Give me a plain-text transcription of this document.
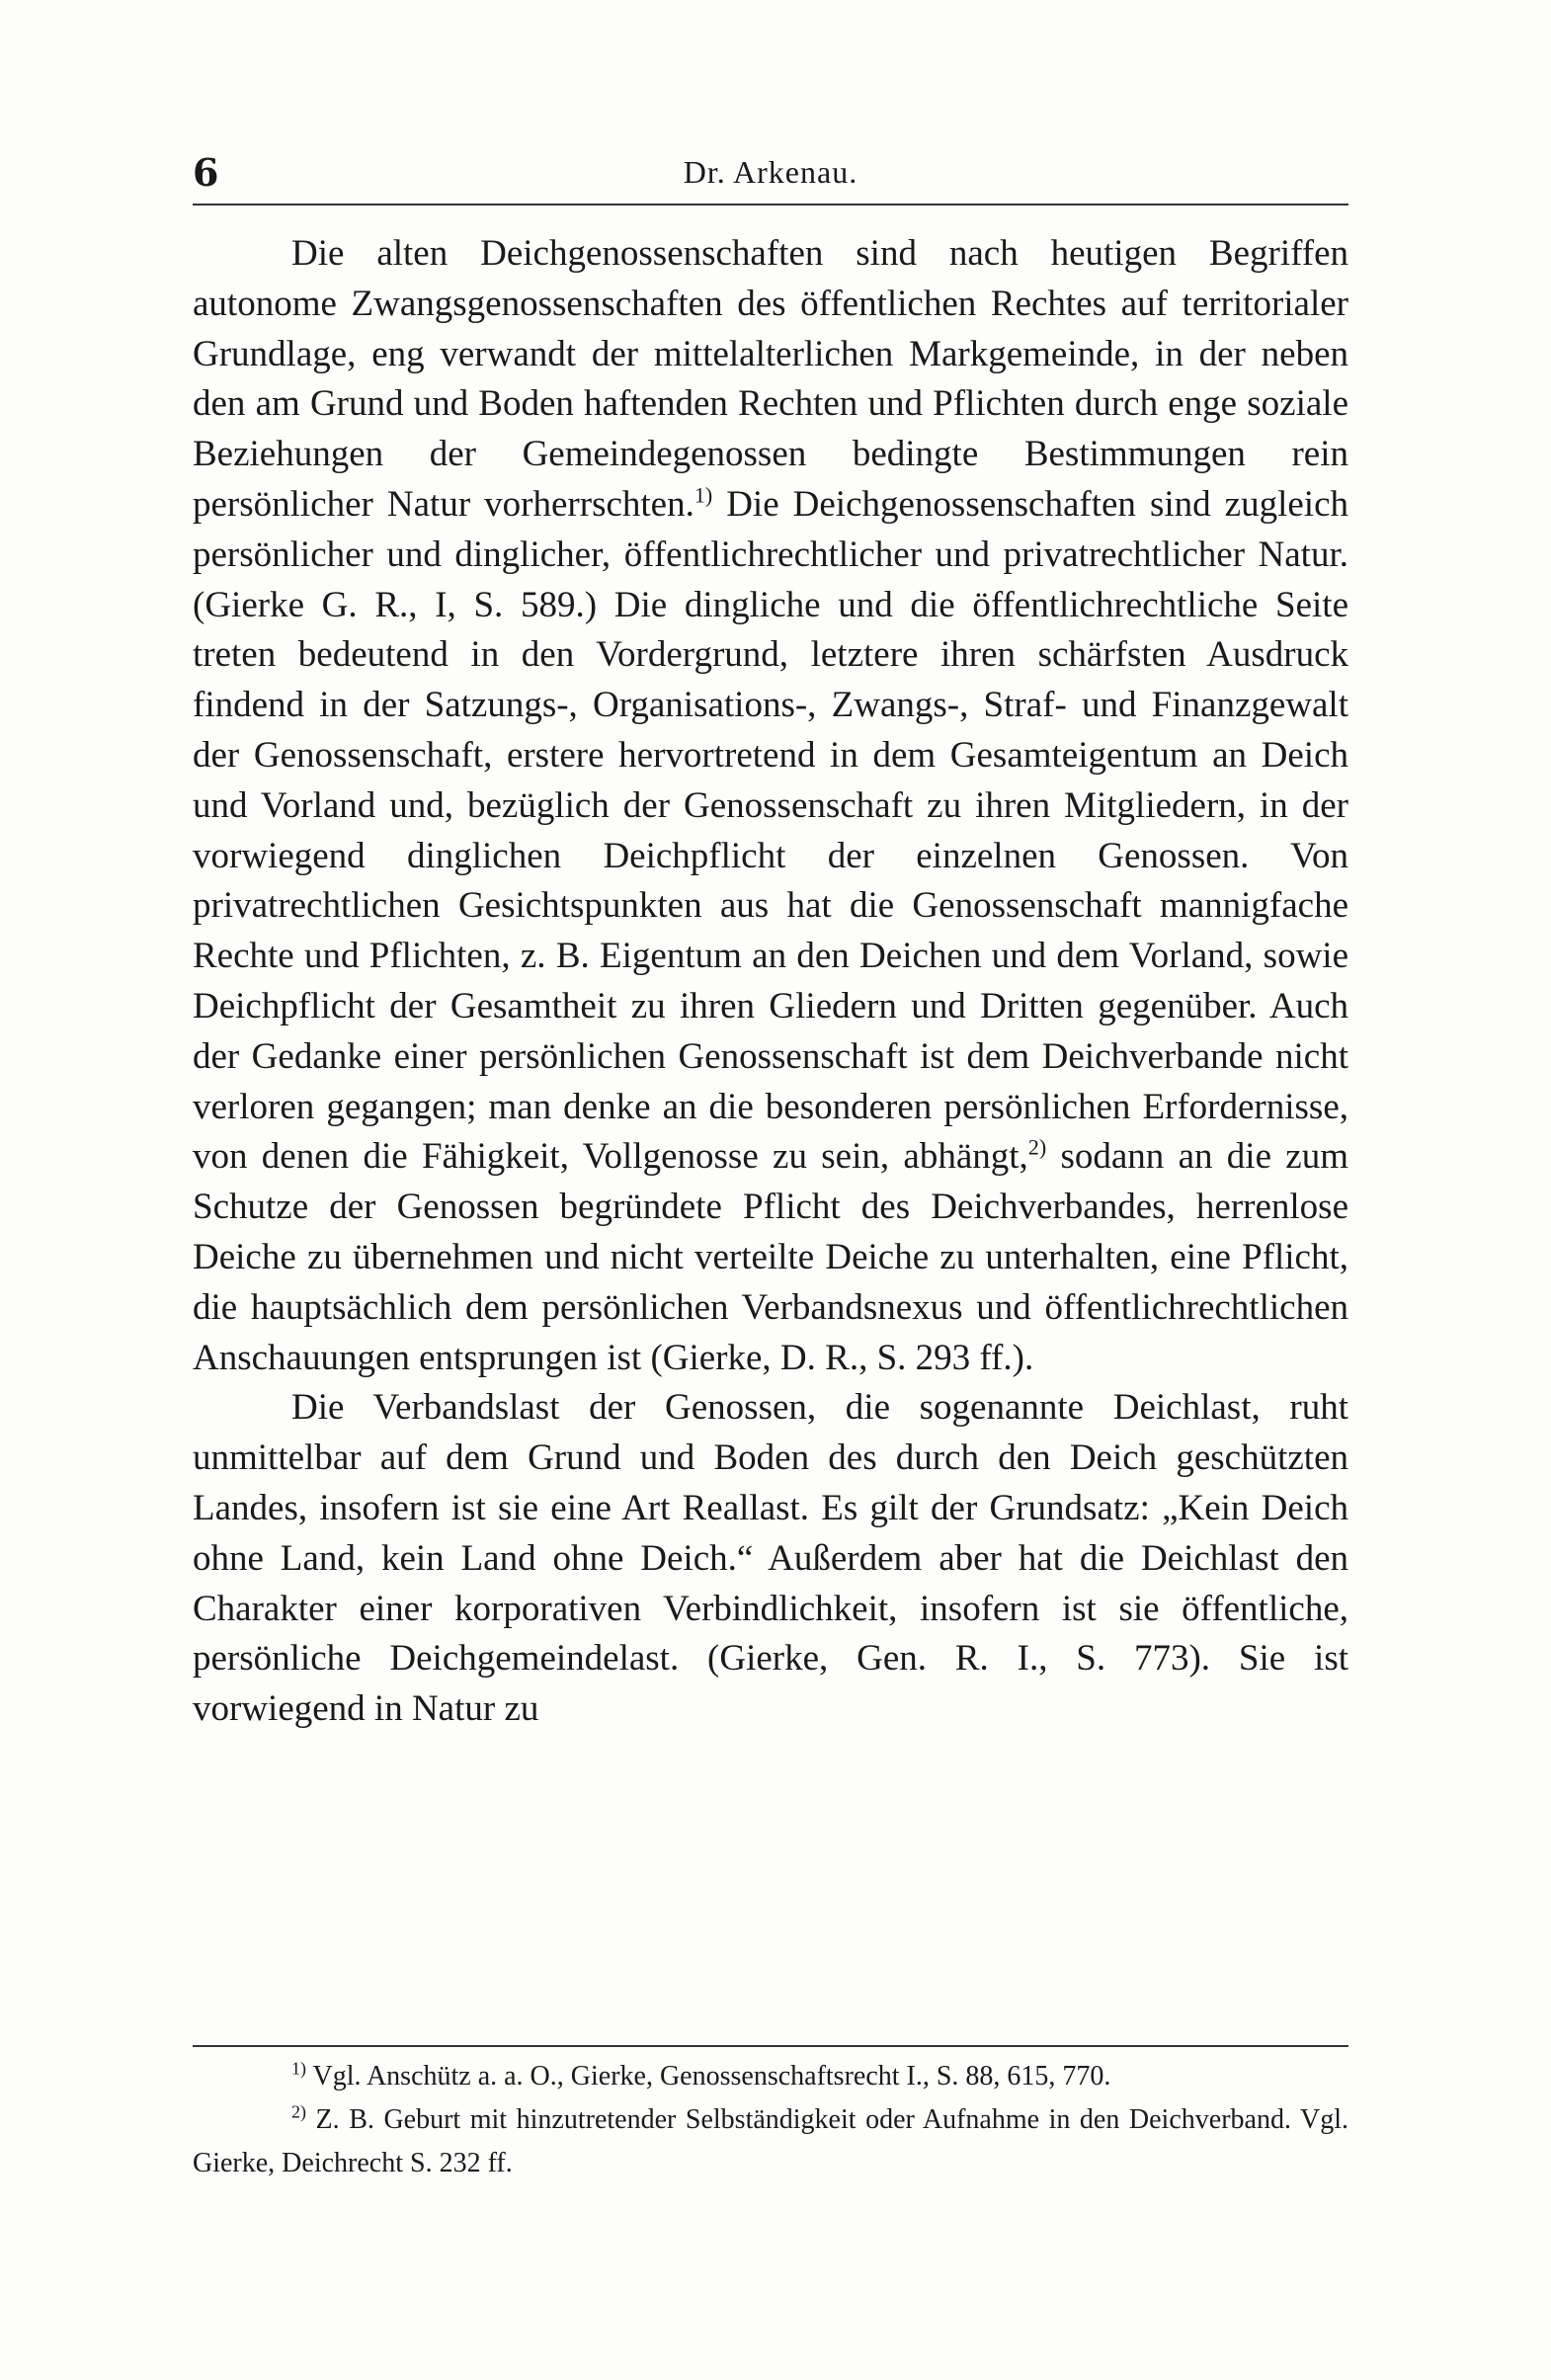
6	Dr. Arkenau.

Die alten Deichgenossenschaften sind nach heutigen Begriffen autonome Zwangsgenossenschaften des öffentlichen Rechtes auf territorialer Grundlage, eng verwandt der mittelalterlichen Markgemeinde, in der neben den am Grund und Boden haftenden Rechten und Pflichten durch enge soziale Beziehungen der Gemeindegenossen bedingte Bestimmungen rein persönlicher Natur vorherrschten.$^{1)}$ Die Deichgenossenschaften sind zugleich persönlicher und dinglicher, öffentlichrechtlicher und privatrechtlicher Natur. (Gierke G. R., I, S. 589.) Die dingliche und die öffentlichrechtliche Seite treten bedeutend in den Vordergrund, letztere ihren schärfsten Ausdruck findend in der Satzungs-, Organisations-, Zwangs-, Straf- und Finanzgewalt der Genossenschaft, erstere hervortretend in dem Gesamteigentum an Deich und Vorland und, bezüglich der Genossenschaft zu ihren Mitgliedern, in der vorwiegend dinglichen Deichpflicht der einzelnen Genossen. Von privatrechtlichen Gesichtspunkten aus hat die Genossenschaft mannigfache Rechte und Pflichten, z. B. Eigentum an den Deichen und dem Vorland, sowie Deichpflicht der Gesamtheit zu ihren Gliedern und Dritten gegenüber. Auch der Gedanke einer persönlichen Genossenschaft ist dem Deichverbande nicht verloren gegangen; man denke an die besonderen persönlichen Erfordernisse, von denen die Fähigkeit, Vollgenosse zu sein, abhängt,$^{2)}$ sodann an die zum Schutze der Genossen begründete Pflicht des Deichverbandes, herrenlose Deiche zu übernehmen und nicht verteilte Deiche zu unterhalten, eine Pflicht, die hauptsächlich dem persönlichen Verbandsnexus und öffentlichrechtlichen Anschauungen entsprungen ist (Gierke, D. R., S. 293 ff.).

Die Verbandslast der Genossen, die sogenannte Deichlast, ruht unmittelbar auf dem Grund und Boden des durch den Deich geschützten Landes, insofern ist sie eine Art Reallast. Es gilt der Grundsatz: „Kein Deich ohne Land, kein Land ohne Deich.“ Außerdem aber hat die Deichlast den Charakter einer korporativen Verbindlichkeit, insofern ist sie öffentliche, persönliche Deichgemeindelast. (Gierke, Gen. R. I., S. 773). Sie ist vorwiegend in Natur zu

$^{1)}$ Vgl. Anschütz a. a. O., Gierke, Genossenschaftsrecht I., S. 88, 615, 770.

$^{2)}$ Z. B. Geburt mit hinzutretender Selbständigkeit oder Aufnahme in den Deichverband. Vgl. Gierke, Deichrecht S. 232 ff.
